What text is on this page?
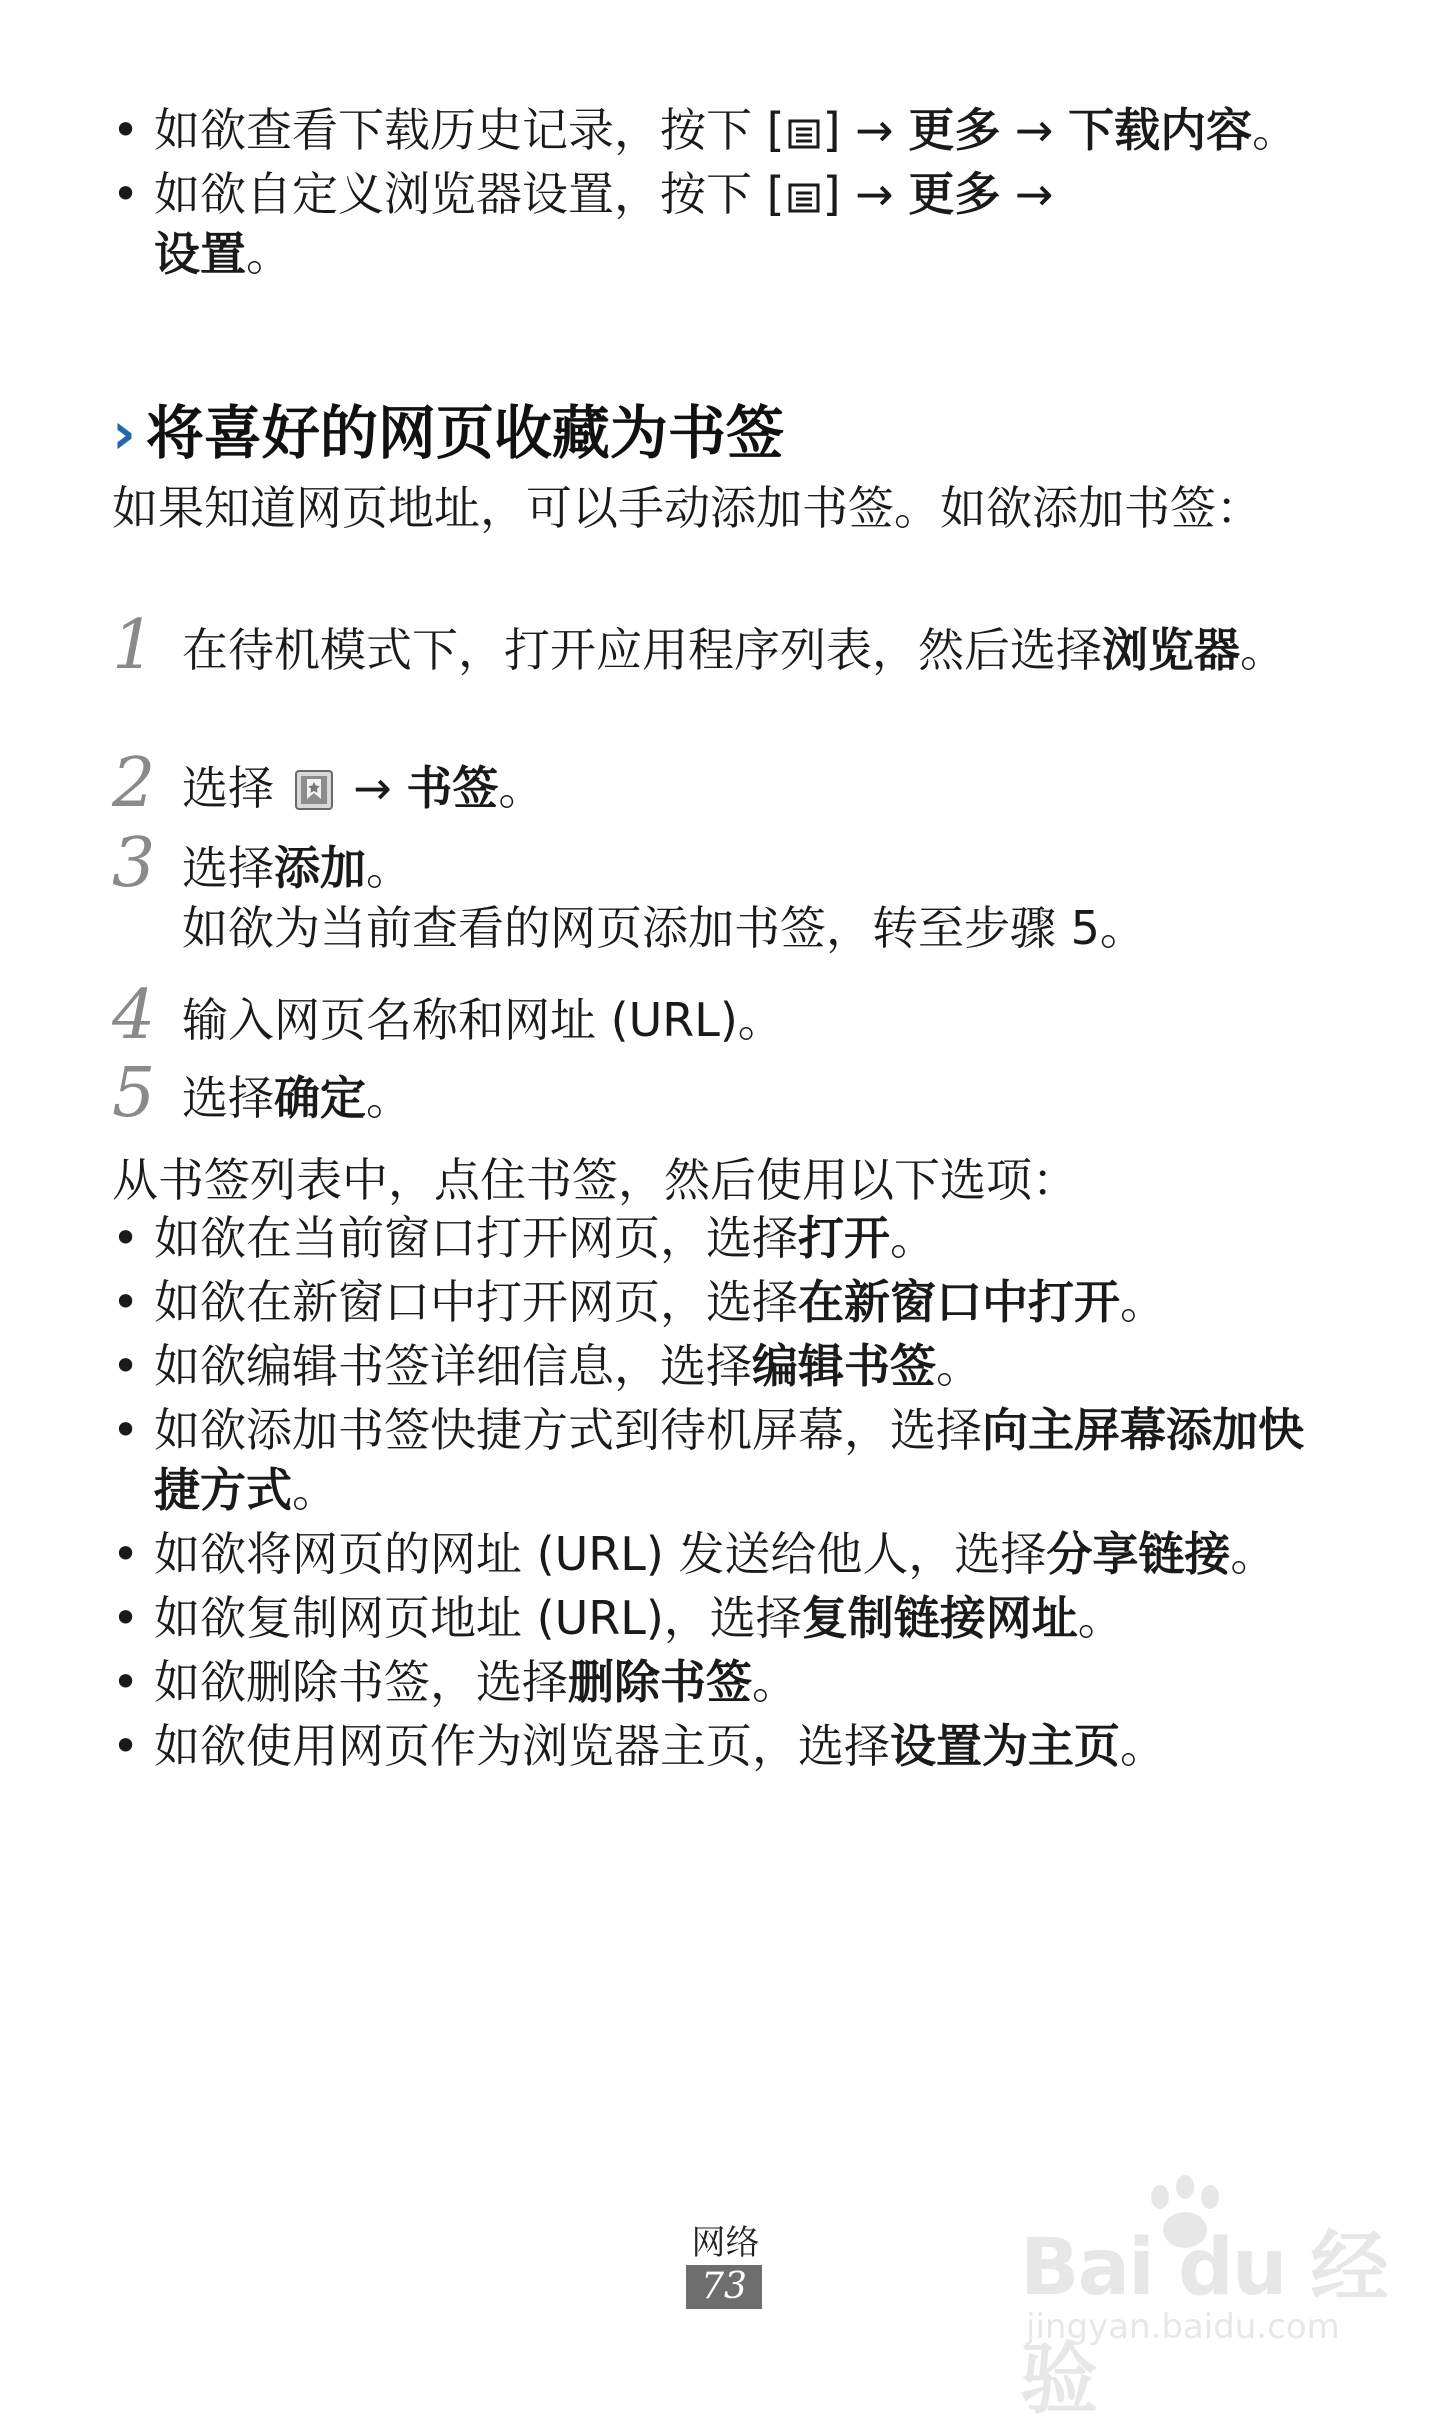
• 如欲查看下载历史记录，按下 [ ] → 更多 → 下载内容。
• 如欲自定义浏览器设置，按下 [ ] → 更多 →
设置。
› 将喜好的网页收藏为书签
如果知道网页地址，可以手动添加书签。如欲添加书签：
1 在待机模式下，打开应用程序列表，然后选择浏览器。
2 选择  → 书签。
3 选择添加。
如欲为当前查看的网页添加书签，转至步骤 5。
4 输入网页名称和网址 (URL)。
5 选择确定。
从书签列表中，点住书签，然后使用以下选项：
• 如欲在当前窗口打开网页，选择打开。
• 如欲在新窗口中打开网页，选择在新窗口中打开。
• 如欲编辑书签详细信息，选择编辑书签。
• 如欲添加书签快捷方式到待机屏幕，选择向主屏幕添加快捷方式。
• 如欲将网页的网址 (URL) 发送给他人，选择分享链接。
• 如欲复制网页地址 (URL)，选择复制链接网址。
• 如欲删除书签，选择删除书签。
• 如欲使用网页作为浏览器主页，选择设置为主页。
网络
73	Bai du 经验
jingyan.baidu.com
